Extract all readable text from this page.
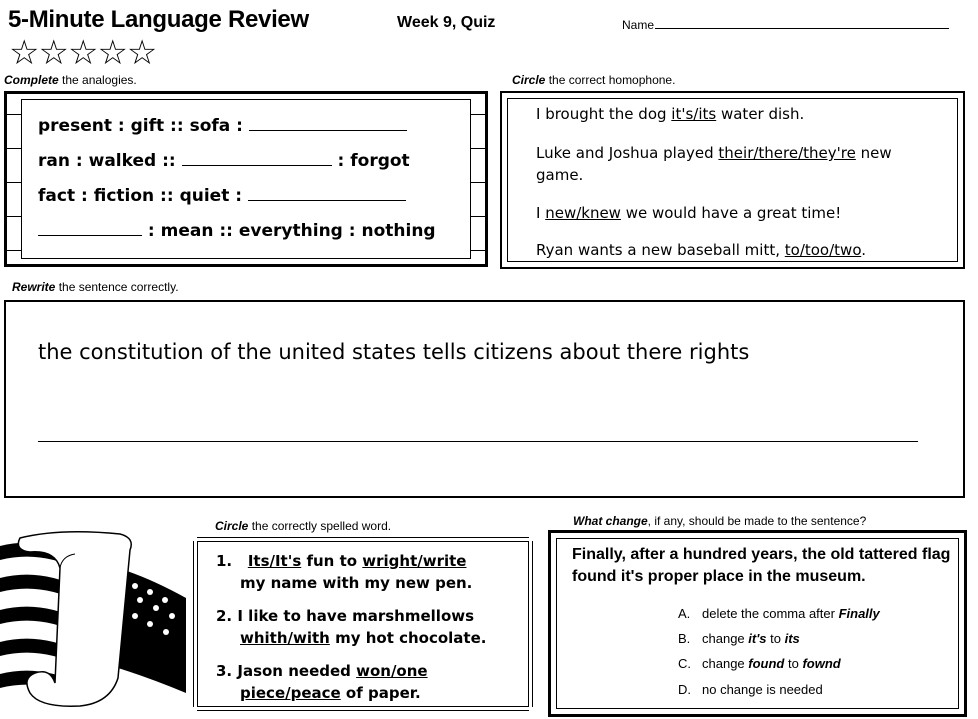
5-Minute Language Review	Week 9, Quiz	Name
☆☆☆☆☆
Complete the analogies.
present : gift :: sofa :
ran : walked ::	: forgot
fact : fiction :: quiet :
: mean :: everything : nothing
Circle the correct homophone.
I brought the dog it's/its water dish.
Luke and Joshua played their/there/they're new
game.
I new/knew we would have a great time!
Ryan wants a new baseball mitt, to/too/two.
Rewrite the sentence correctly.
the constitution of the united states tells citizens about there rights
Circle the correctly spelled word.
1. Its/It's fun to wright/write
my name with my new pen.
2. I like to have marshmellows
whith/with my hot chocolate.
3. Jason needed won/one
piece/peace of paper.
What change, if any, should be made to the sentence?
Finally, after a hundred years, the old tattered flag found it's proper place in the museum.
A. delete the comma after Finally
B. change it's to its
C. change found to fownd
D. no change is needed
